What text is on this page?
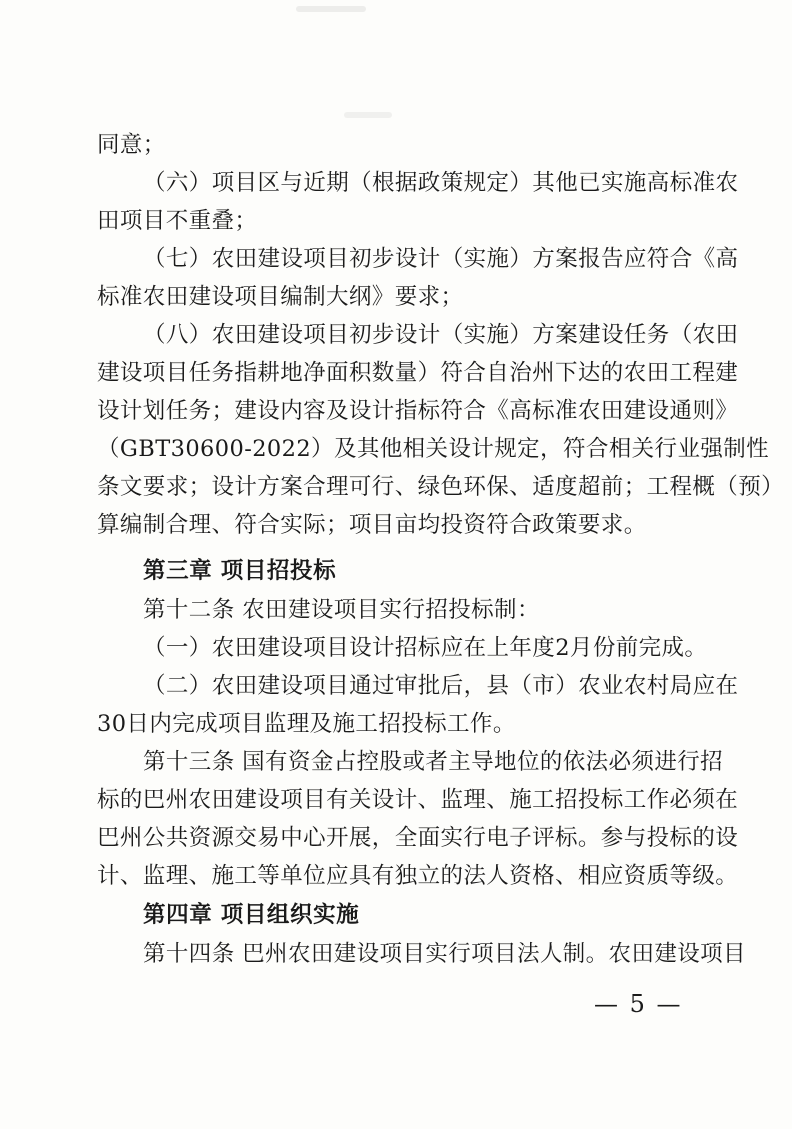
同意；
（六）项目区与近期（根据政策规定）其他已实施高标准农
田项目不重叠；
（七）农田建设项目初步设计（实施）方案报告应符合《高
标准农田建设项目编制大纲》要求；
（八）农田建设项目初步设计（实施）方案建设任务（农田
建设项目任务指耕地净面积数量）符合自治州下达的农田工程建
设计划任务；建设内容及设计指标符合《高标准农田建设通则》
（GBT30600-2022）及其他相关设计规定，符合相关行业强制性
条文要求；设计方案合理可行、绿色环保、适度超前；工程概（预）
算编制合理、符合实际；项目亩均投资符合政策要求。
第三章 项目招投标
第十二条 农田建设项目实行招投标制：
（一）农田建设项目设计招标应在上年度2月份前完成。
（二）农田建设项目通过审批后，县（市）农业农村局应在
30日内完成项目监理及施工招投标工作。
第十三条 国有资金占控股或者主导地位的依法必须进行招
标的巴州农田建设项目有关设计、监理、施工招投标工作必须在
巴州公共资源交易中心开展，全面实行电子评标。参与投标的设
计、监理、施工等单位应具有独立的法人资格、相应资质等级。
第四章 项目组织实施
第十四条 巴州农田建设项目实行项目法人制。农田建设项目
— 5 —
